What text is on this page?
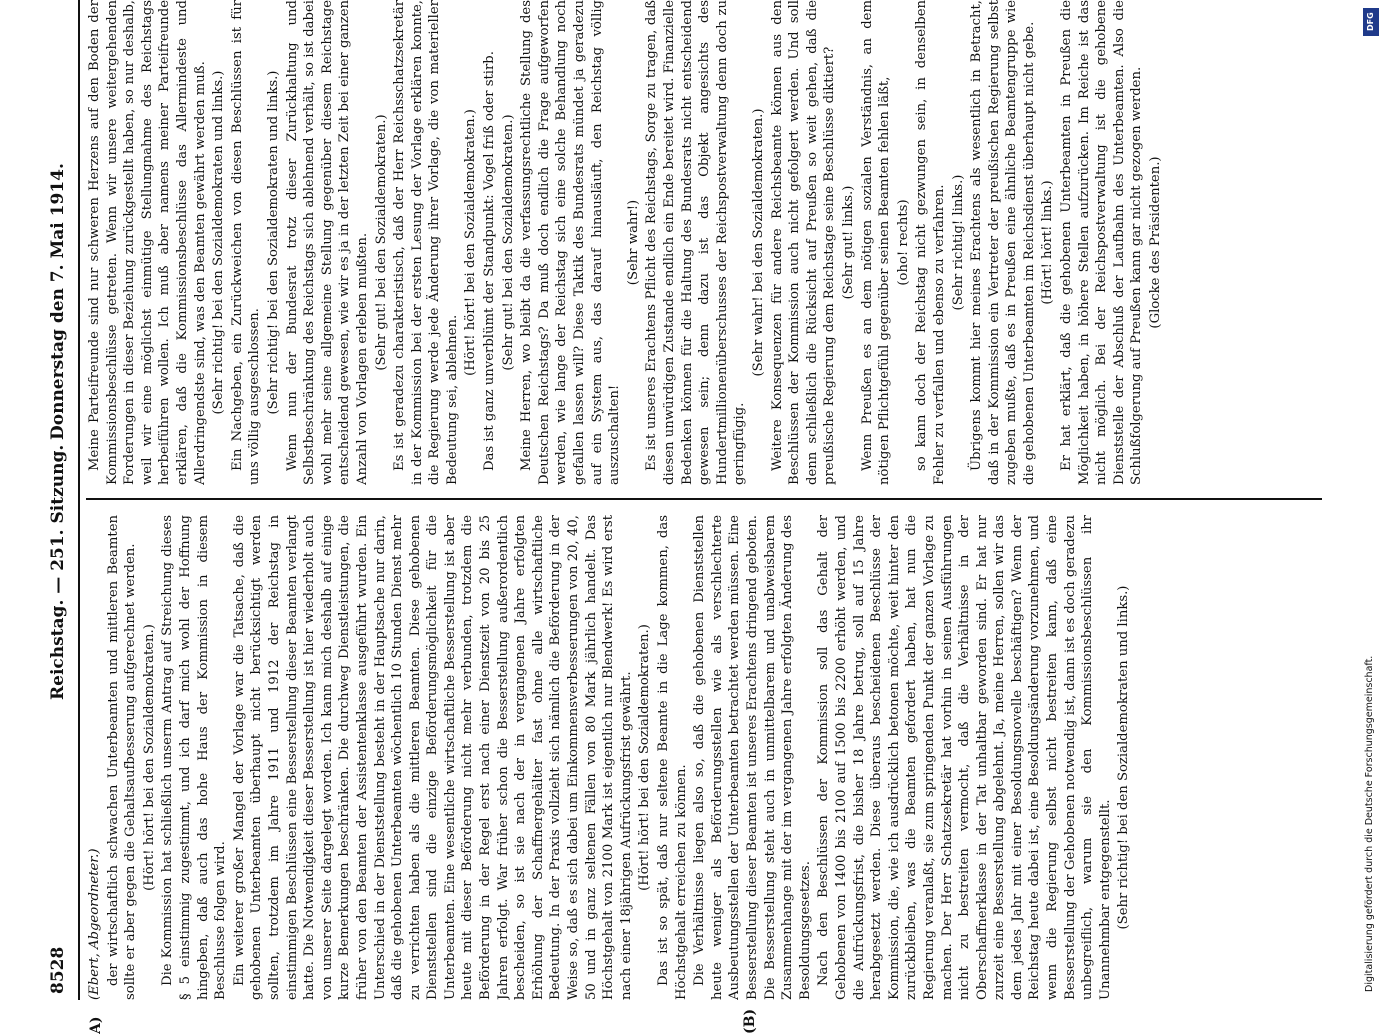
8528
Reichstag. — 251. Sitzung.
Donnerstag den 7. Mai 1914.

(Ebert, Abgeordneter.) der wirtschaftlich schwachen Unterbeamten und mittleren Beamten sollte er aber gegen die Gehaltsaufbesserung aufgerechnet werden. (Hört! hört! bei den Sozialdemokraten.) Die Kommission hat schließlich unserm Antrag auf Streichung dieses § 5 einstimmig zugestimmt, und ich darf mich wohl der Hoffnung hingeben, daß auch das hohe Haus der Kommission in diesem Beschlusse folgen wird. Ein weiterer großer Mangel der Vorlage war die Tatsache, daß die gehobenen Unterbeamten überhaupt nicht berücksichtigt werden sollten, trotzdem im Jahre 1911 und 1912 der Reichstag in einstimmigen Beschlüssen eine Besserstellung dieser Beamten verlangt hatte. Die Notwendigkeit dieser Besserstellung ist hier wiederholt auch von unserer Seite dargelegt worden. Ich kann mich deshalb auf einige kurze Bemerkungen beschränken. Die durchweg Dienstleistungen, die früher von den Beamten der Assistentenklasse ausgeführt wurden. Ein Unterschied in der Dienststellung besteht in der Hauptsache nur darin, daß die gehobenen Unterbeamten wöchentlich 10 Stunden Dienst mehr zu verrichten haben als die mittleren Beamten. Diese gehobenen Dienststellen sind die einzige Beförderungsmöglichkeit für die Unterbeamten. Eine wesentliche wirtschaftliche Besserstellung ist aber heute mit dieser Beförderung nicht mehr verbunden, trotzdem die Beförderung in der Regel erst nach einer Dienstzeit von 20 bis 25 Jahren erfolgt. War früher schon die Besserstellung außerordentlich bescheiden, so ist sie nach der in vergangenen Jahre erfolgten Erhöhung der Schaffnergehälter fast ohne alle wirtschaftliche Bedeutung. In der Praxis vollzieht sich nämlich die Beförderung in der Weise so, daß es sich dabei um Einkommensverbesserungen von 20, 40, 50 und in ganz seltenen Fällen von 80 Mark jährlich handelt. Das Höchstgehalt von 2100 Mark ist eigentlich nur Blendwerk! Es wird erst nach einer 18jährigen Aufrückungsfrist gewährt. (Hört! hört! bei den Sozialdemokraten.) Das ist so spät, daß nur seltene Beamte in die Lage kommen, das Höchstgehalt erreichen zu können. Die Verhältnisse liegen also so, daß die gehobenen Dienststellen heute weniger als Beförderungsstellen wie als verschlechterte Ausbeutungsstellen der Unterbeamten betrachtet werden müssen. Eine Besserstellung dieser Beamten ist unseres Erachtens dringend geboten. Die Besserstellung steht auch in unmittelbarem und unabweisbarem Zusammenhange mit der im vergangenen Jahre erfolgten Änderung des Besoldungsgesetzes. Nach den Beschlüssen der Kommission soll das Gehalt der Gehobenen von 1400 bis 2100 auf 1500 bis 2200 erhöht werden, und die Aufrückungsfrist, die bisher 18 Jahre betrug, soll auf 15 Jahre herabgesetzt werden. Diese überaus bescheidenen Beschlüsse der Kommission, die, wie ich ausdrücklich betonen möchte, weit hinter den zurückbleiben, was die Beamten gefordert haben, hat nun die Regierung veranlaßt, sie zum springenden Punkt der ganzen Vorlage zu machen. Der Herr Schatzsekretär hat vorhin in seinen Ausführungen nicht zu bestreiten vermocht, daß die Verhältnisse in der Oberschaffnerklasse in der Tat unhaltbar geworden sind. Er hat nur zurzeit eine Besserstellung abgelehnt. Ja, meine Herren, sollen wir das dem jedes Jahr mit einer Besoldungsnovelle beschäftigen? Wenn der Reichstag heute dabei ist, eine Besoldungsänderung vorzunehmen, und wenn die Regierung selbst nicht bestreiten kann, daß eine Besserstellung der Gehobenen notwendig ist, dann ist es doch geradezu unbegreiflich, warum sie den Kommissionsbeschlüssen ihr Unannehmbar entgegenstellt. (Sehr richtig! bei den Sozialdemokraten und links.)

Meine Parteifreunde sind nur schweren Herzens auf den Boden der Kommissionsbeschlüsse getreten. Wenn wir unsere weitergehenden Forderungen in dieser Beziehung zurückgestellt haben, so nur deshalb, weil wir eine möglichst einmütige Stellungnahme des Reichstags herbeiführen wollen. Ich muß aber namens meiner Parteifreunde erklären, daß die Kommissionsbeschlüsse das Allermindeste und Allerdringendste sind, was den Beamten gewährt werden muß. (Sehr richtig! bei den Sozialdemokraten und links.) Ein Nachgeben, ein Zurückweichen von diesen Beschlüssen ist für uns völlig ausgeschlossen. (Sehr richtig! bei den Sozialdemokraten und links.) Wenn nun der Bundesrat trotz dieser Zurückhaltung und Selbstbeschränkung des Reichstags sich ablehnend verhält, so ist dabei wohl mehr seine allgemeine Stellung gegenüber diesem Reichstage entscheidend gewesen, wie wir es ja in der letzten Zeit bei einer ganzen Anzahl von Vorlagen erleben mußten. (Sehr gut! bei den Sozialdemokraten.) Es ist geradezu charakteristisch, daß der Herr Reichsschatzsekretär in der Kommission bei der ersten Lesung der Vorlage erklären konnte, die Regierung werde jede Änderung ihrer Vorlage, die von materieller Bedeutung sei, ablehnen.

(Hört! hört! bei den Sozialdemokraten.) Das ist ganz unverblümt der Standpunkt: Vogel friß oder stirb. (Sehr gut! bei den Sozialdemokraten.) Meine Herren, wo bleibt da die verfassungsrechtliche Stellung des Deutschen Reichstags? Da muß doch endlich die Frage aufgeworfen werden, wie lange der Reichstag sich eine solche Behandlung noch gefallen lassen will? Diese Taktik des Bundesrats mündet ja geradezu auf ein System aus, das darauf hinausläuft, den Reichstag völlig auszuschalten!

(Sehr wahr!) Es ist unseres Erachtens Pflicht des Reichstags, Sorge zu tragen, daß diesen unwürdigen Zustande endlich ein Ende bereitet wird. Finanzielle Bedenken können für die Haltung des Bundesrats nicht entscheidend gewesen sein; denn dazu ist das Objekt angesichts des Hundertmillionenüberschusses der Reichspostverwaltung denn doch zu geringfügig.

(Sehr wahr! bei den Sozialdemokraten.) Weitere Konsequenzen für andere Reichsbeamte können aus den Beschlüssen der Kommission auch nicht gefolgert werden. Und soll denn schließlich die Rücksicht auf Preußen so weit gehen, daß die preußische Regierung dem Reichstage seine Beschlüsse diktiert? (Sehr gut! links.) Wenn Preußen es an dem nötigen sozialen Verständnis, an dem nötigen Pflichtgefühl gegenüber seinen Beamten fehlen läßt, (oho! rechts) so kann doch der Reichstag nicht gezwungen sein, in denselben Fehler zu verfallen und ebenso zu verfahren. (Sehr richtig! links.) Übrigens kommt hier meines Erachtens als wesentlich in Betracht, daß in der Kommission ein Vertreter der preußischen Regierung selbst zugeben mußte, daß es in Preußen eine ähnliche Beamtengruppe wie die gehobenen Unterbeamten im Reichsdienst überhaupt nicht gebe. (Hört! hört! links.) Er hat erklärt, daß die gehobenen Unterbeamten in Preußen die Möglichkeit haben, in höhere Stellen aufzurücken. Im Reiche ist das nicht möglich. Bei der Reichspostverwaltung ist die gehobene Dienststelle der Abschluß der Laufbahn des Unterbeamten. Also die Schlußfolgerung auf Preußen kann gar nicht gezogen werden. (Glocke des Präsidenten.)

A)	(B)
DFG
Digitalisierung gefördert durch die Deutsche Forschungsgemeinschaft.
